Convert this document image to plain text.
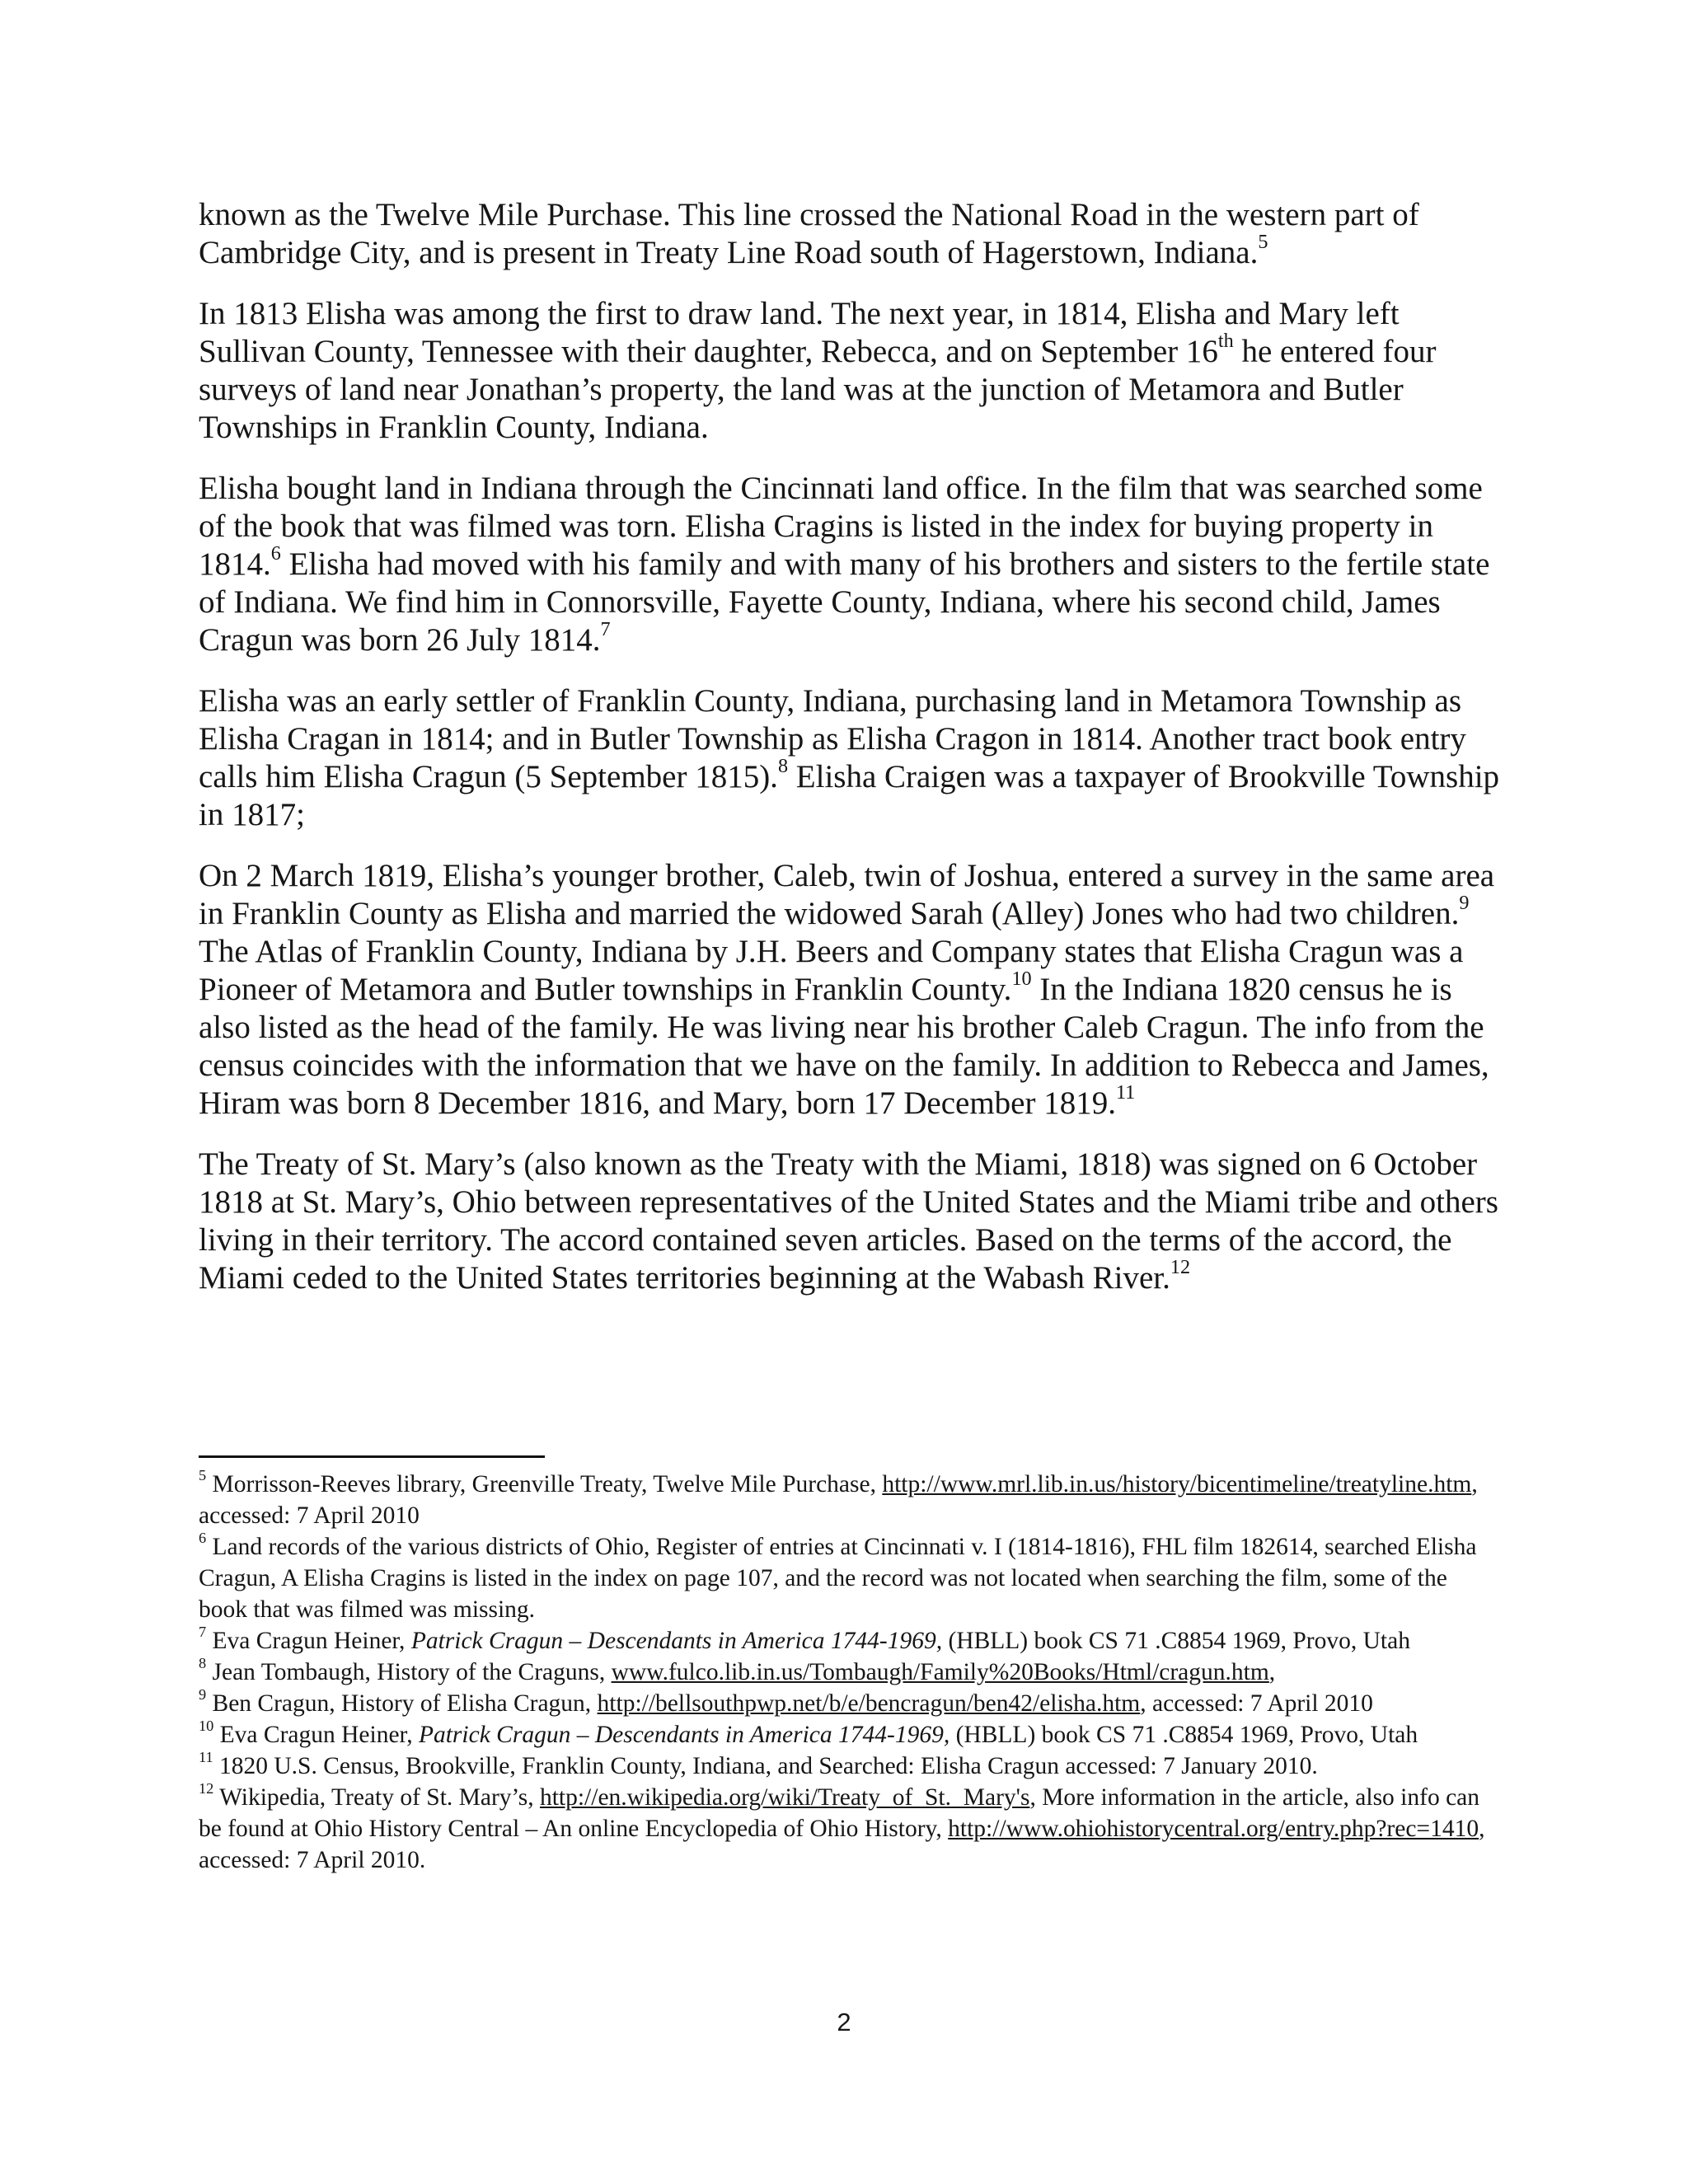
known as the Twelve Mile Purchase. This line crossed the National Road in the western part of Cambridge City, and is present in Treaty Line Road south of Hagerstown, Indiana.$^5$

In 1813 Elisha was among the first to draw land. The next year, in 1814, Elisha and Mary left Sullivan County, Tennessee with their daughter, Rebecca, and on September 16th he entered four surveys of land near Jonathan’s property, the land was at the junction of Metamora and Butler Townships in Franklin County, Indiana.

Elisha bought land in Indiana through the Cincinnati land office. In the film that was searched some of the book that was filmed was torn. Elisha Cragins is listed in the index for buying property in 1814.$^6$ Elisha had moved with his family and with many of his brothers and sisters to the fertile state of Indiana. We find him in Connorsville, Fayette County, Indiana, where his second child, James Cragun was born 26 July 1814.$^7$

Elisha was an early settler of Franklin County, Indiana, purchasing land in Metamora Township as Elisha Cragan in 1814; and in Butler Township as Elisha Cragon in 1814. Another tract book entry calls him Elisha Cragun (5 September 1815).$^8$ Elisha Craigen was a taxpayer of Brookville Township in 1817;

On 2 March 1819, Elisha’s younger brother, Caleb, twin of Joshua, entered a survey in the same area in Franklin County as Elisha and married the widowed Sarah (Alley) Jones who had two children.$^9$ The Atlas of Franklin County, Indiana by J.H. Beers and Company states that Elisha Cragun was a Pioneer of Metamora and Butler townships in Franklin County.$^{10}$ In the Indiana 1820 census he is also listed as the head of the family. He was living near his brother Caleb Cragun. The info from the census coincides with the information that we have on the family. In addition to Rebecca and James, Hiram was born 8 December 1816, and Mary, born 17 December 1819.11

The Treaty of St. Mary’s (also known as the Treaty with the Miami, 1818) was signed on 6 October 1818 at St. Mary’s, Ohio between representatives of the United States and the Miami tribe and others living in their territory. The accord contained seven articles. Based on the terms of the accord, the Miami ceded to the United States territories beginning at the Wabash River.$^{12}$

$^5$ Morrisson-Reeves library, Greenville Treaty, Twelve Mile Purchase, http://www.mrl.lib.in.us/history/bicentimeline/treatyline.htm, accessed: 7 April 2010
$^6$ Land records of the various districts of Ohio, Register of entries at Cincinnati v. I (1814-1816), FHL film 182614, searched Elisha Cragun, A Elisha Cragins is listed in the index on page 107, and the record was not located when searching the film, some of the book that was filmed was missing.
$^7$ Eva Cragun Heiner, Patrick Cragun – Descendants in America 1744-1969, (HBLL) book CS 71 .C8854 1969, Provo, Utah
$^8$ Jean Tombaugh, History of the Craguns, www.fulco.lib.in.us/Tombaugh/Family%20Books/Html/cragun.htm,
$^9$ Ben Cragun, History of Elisha Cragun, http://bellsouthpwp.net/b/e/bencragun/ben42/elisha.htm, accessed: 7 April 2010
$^{10}$ Eva Cragun Heiner, Patrick Cragun – Descendants in America 1744-1969, (HBLL) book CS 71 .C8854 1969, Provo, Utah
$^{11}$ 1820 U.S. Census, Brookville, Franklin County, Indiana, and Searched: Elisha Cragun accessed: 7 January 2010.
$^{12}$ Wikipedia, Treaty of St. Mary’s, http://en.wikipedia.org/wiki/Treaty_of_St._Mary's, More information in the article, also info can be found at Ohio History Central – An online Encyclopedia of Ohio History, http://www.ohiohistorycentral.org/entry.php?rec=1410, accessed: 7 April 2010.
2
